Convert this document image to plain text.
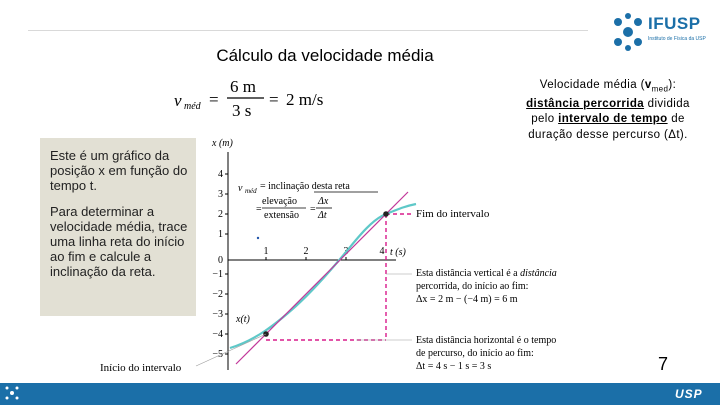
IFUSP
Instituto de Física da USP
Cálculo da velocidade média
v méd =
6 m
3 s
= 2 m/s
Velocidade média $(v_{med})$: distância percorrida dividida pelo intervalo de tempo de duração desse percurso (Δt).

Este é um gráfico da posição x em função do tempo t.

Para determinar a velocidade média, trace uma linha reta do início ao fim e calcule a inclinação da reta.

x (m)
t (s)
4
3
2
1
0
−1
−2
−3
−4
−5
1	2	3	4
v méd = inclinação desta reta
=
elevação
extensão
=
Δx
Δt
x(t)
Fim do intervalo
Início do intervalo
Esta distância vertical é a distância
percorrida, do início ao fim:
Δx = 2 m − (−4 m) = 6 m
Esta distância horizontal é o tempo
de percurso, do início ao fim:
Δt = 4 s − 1 s = 3 s	7
USP
